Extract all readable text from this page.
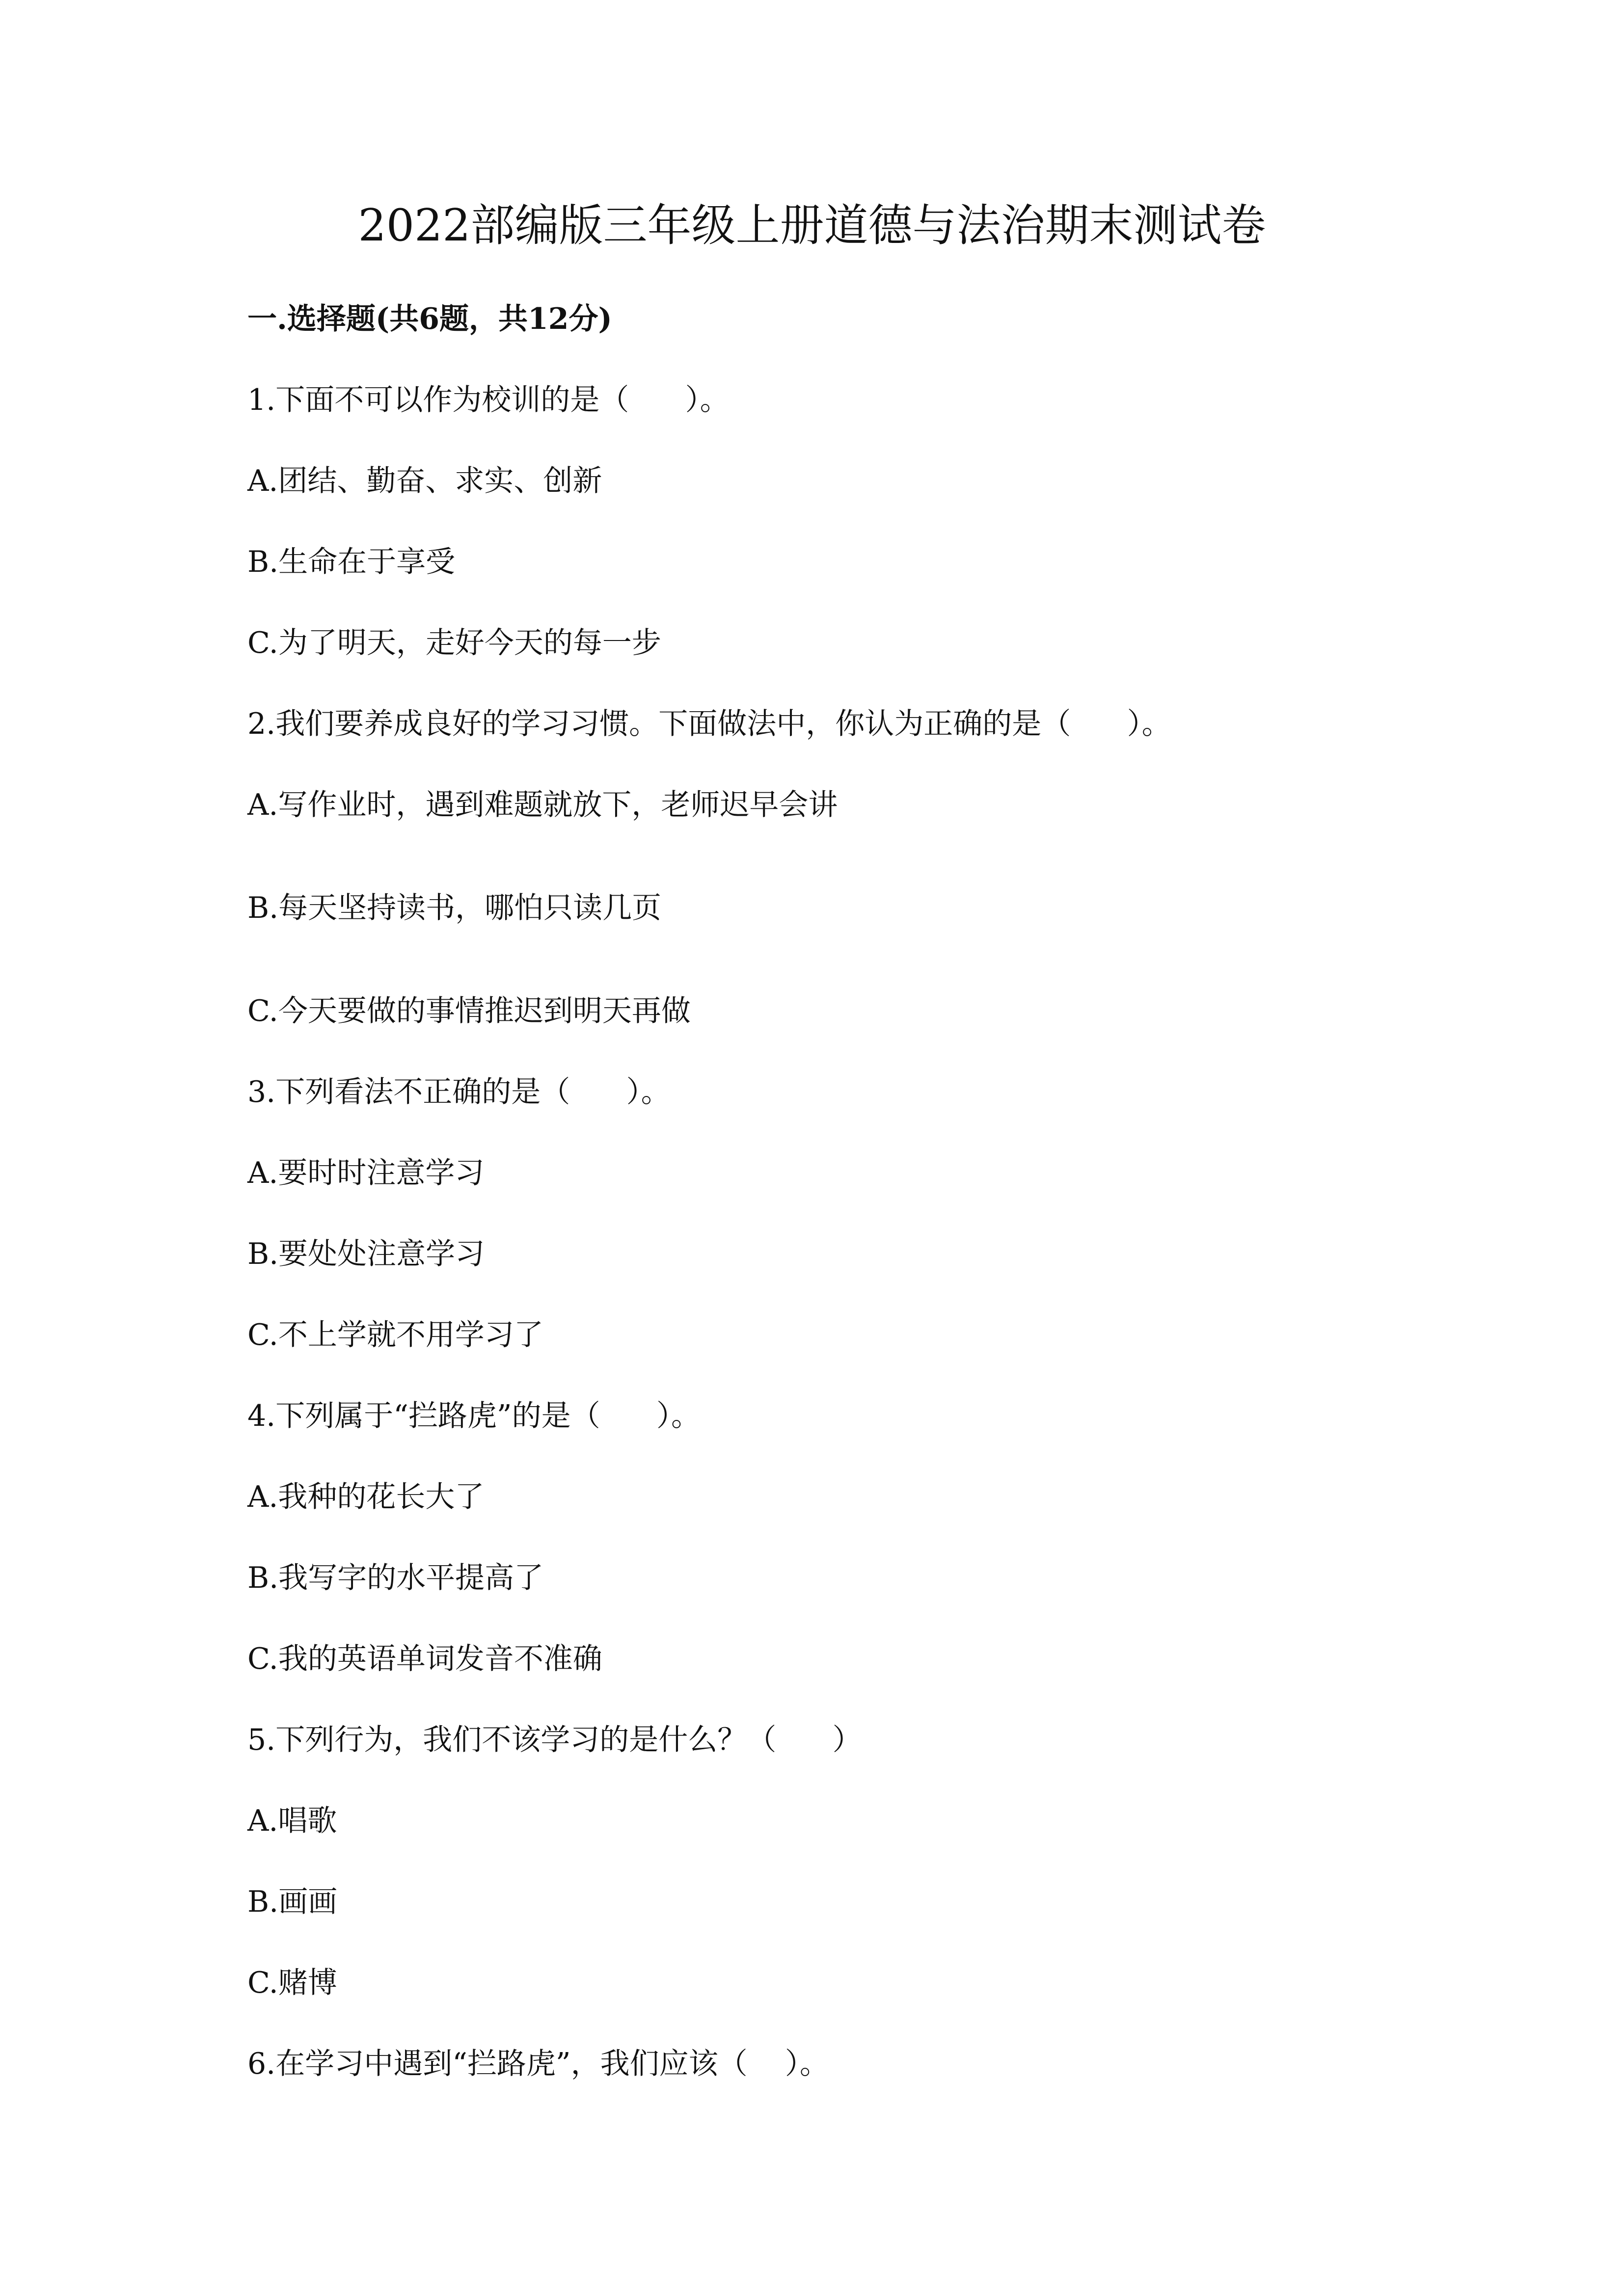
2022部编版三年级上册道德与法治期末测试卷
一.选择题(共6题，共12分)

1.下面不可以作为校训的是（      ）。

A.团结、勤奋、求实、创新

B.生命在于享受

C.为了明天，走好今天的每一步

2.我们要养成良好的学习习惯。下面做法中，你认为正确的是（      ）。

A.写作业时，遇到难题就放下，老师迟早会讲

B.每天坚持读书，哪怕只读几页

C.今天要做的事情推迟到明天再做

3.下列看法不正确的是（      ）。

A.要时时注意学习

B.要处处注意学习

C.不上学就不用学习了

4.下列属于“拦路虎”的是（      ）。

A.我种的花长大了

B.我写字的水平提高了

C.我的英语单词发音不准确

5.下列行为，我们不该学习的是什么？（      ）

A.唱歌

B.画画

C.赌博

6.在学习中遇到“拦路虎”，我们应该（    ）。
